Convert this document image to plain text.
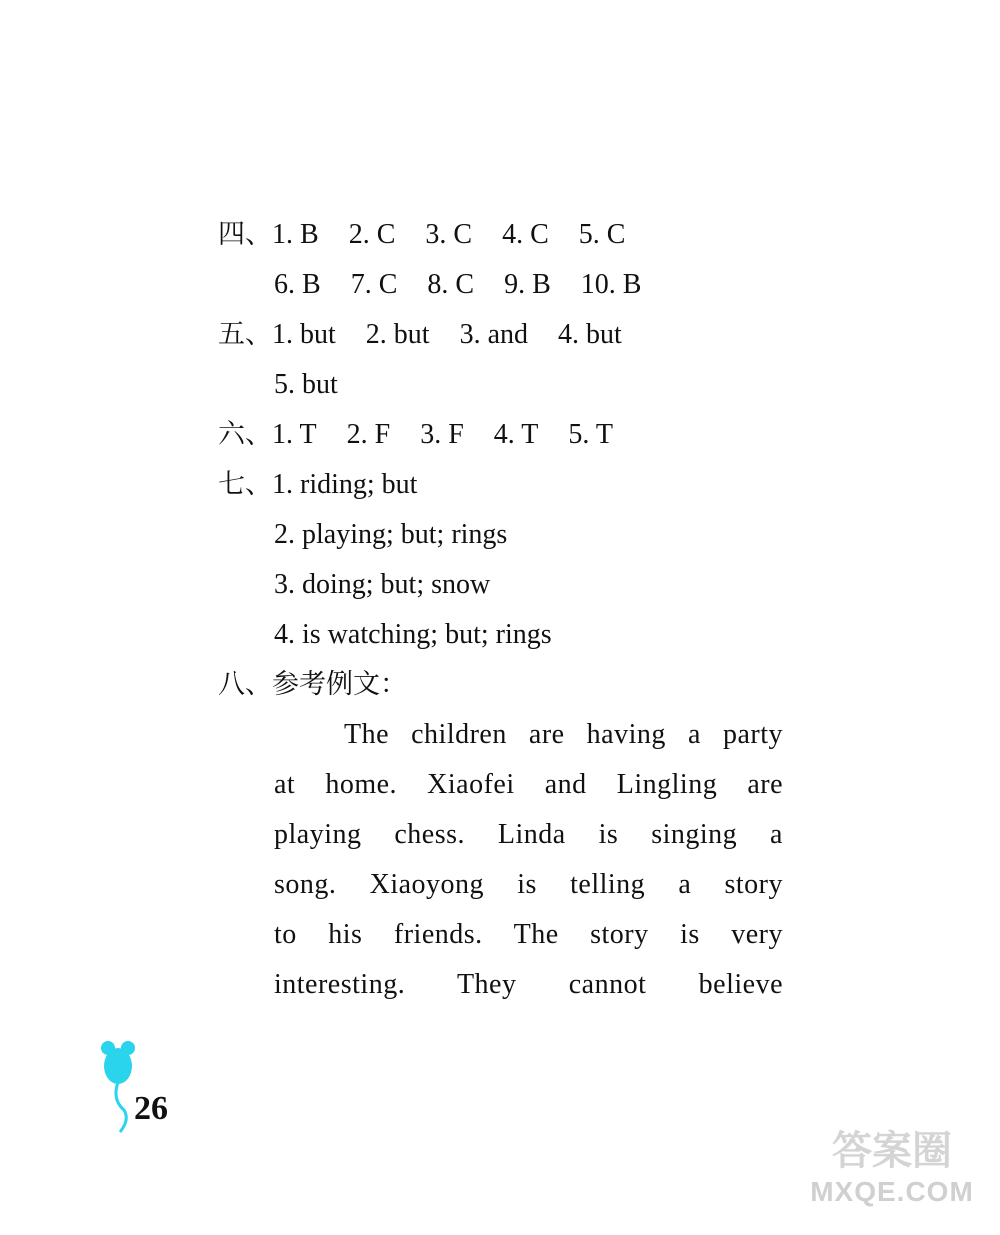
四、1. B 2. C 3. C 4. C 5. C
6. B 7. C 8. C 9. B 10. B
五、1. but 2. but 3. and 4. but
5. but
六、1. T 2. F 3. F 4. T 5. T
七、1. riding; but
2. playing; but; rings
3. doing; but; snow
4. is watching; but; rings
八、参考例文：
The children are having a party
at home. Xiaofei and Lingling are
playing chess. Linda is singing a
song. Xiaoyong is telling a story
to his friends. The story is very
interesting. They cannot believe
26
答案圈
MXQE.COM
